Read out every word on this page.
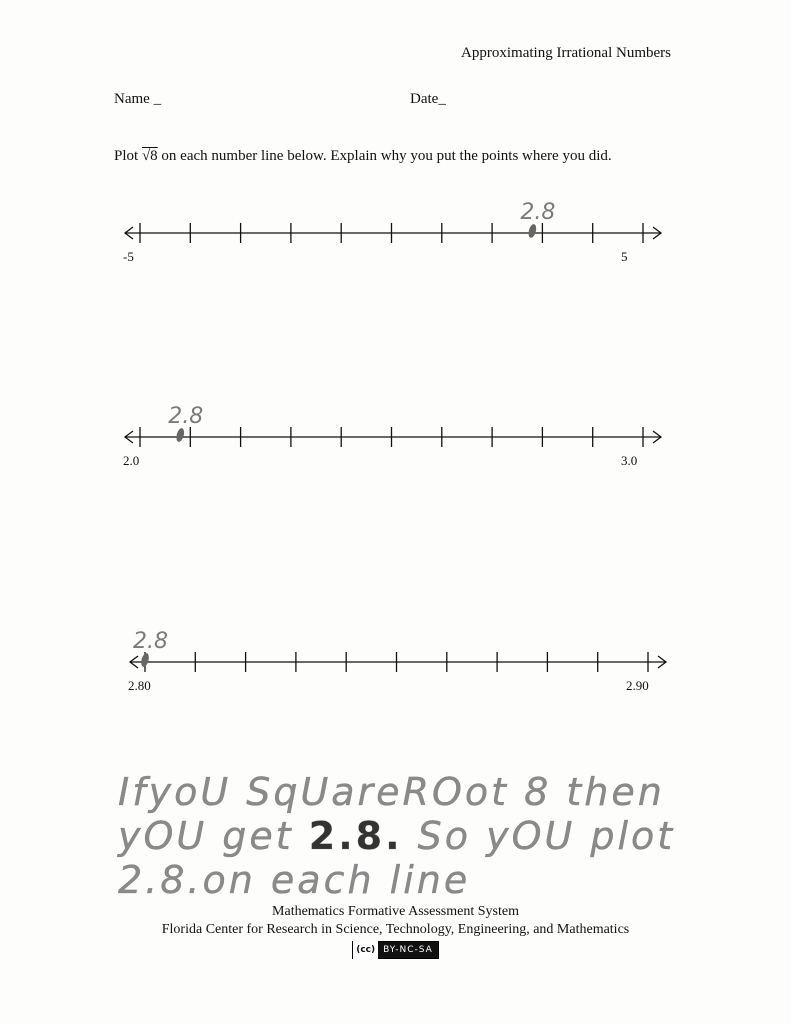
Approximating Irrational Numbers
Name _	Date_
Plot √8 on each number line below. Explain why you put the points where you did.
-5	5
2.8
2.0	3.0
2.8
2.80	2.90
2.8
IfyoU SqUareROot 8 then
yOU get 2.8. So yOU plot
2.8.on each line
Mathematics Formative Assessment System
Florida Center for Research in Science, Technology, Engineering, and Mathematics
(cc) BY-NC-SA
